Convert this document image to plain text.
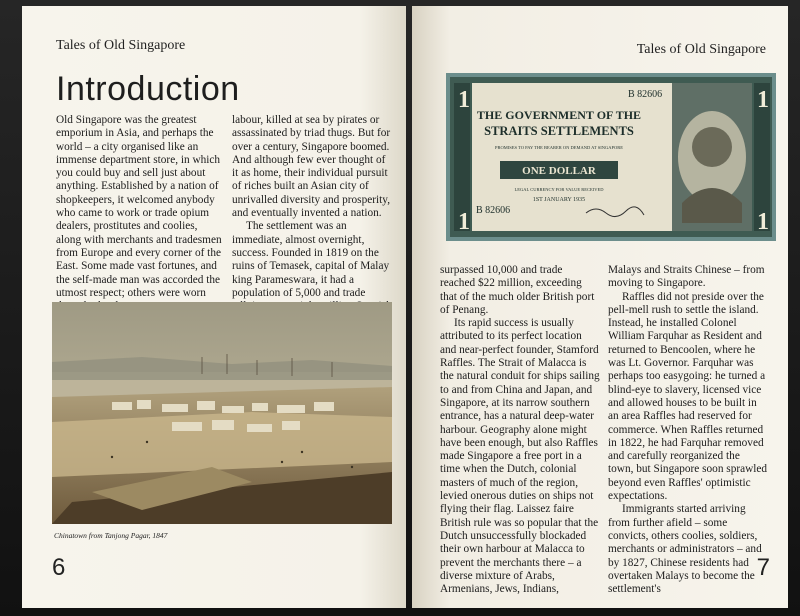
Tales of Old Singapore
Introduction

Old Singapore was the greatest emporium in Asia, and perhaps the world – a city organised like an immense department store, in which you could buy and sell just about anything. Established by a nation of shopkeepers, it welcomed anybody who came to work or trade opium dealers, prostitutes and coolies, along with merchants and tradesmen from Europe and every corner of the East. Some made vast fortunes, and the self-made man was accorded the utmost respect; others were worn

labour, killed at sea by pirates or assassinated by triad thugs. But for over a century, Singapore boomed. And although few ever thought of it as home, their individual pursuit of riches built an Asian city of unrivalled diversity and prosperity, and eventually invented a nation.

The settlement was an immediate, almost overnight, success. Founded in 1819 on the ruins of Temasek, capital of Malay king Parameswara, it had a population of 5,000 and trade

Chinatown from Tanjong Pagar, 1847
6
Tales of Old Singapore
1	1
1	1
B 82606
B 82606
THE GOVERNMENT OF THE
STRAITS SETTLEMENTS
PROMISES TO PAY THE BEARER ON DEMAND AT SINGAPORE
ONE DOLLAR
LEGAL CURRENCY FOR VALUE RECEIVED
1ST JANUARY 1935

surpassed 10,000 and trade reached $22 million, exceeding that of the much older British port of Penang.

Its rapid success is usually attributed to its perfect location and near-perfect founder, Stamford Raffles. The Strait of Malacca is the natural conduit for ships sailing to and from China and Japan, and Singapore, at its narrow southern entrance, has a natural deep-water harbour. Geography alone might have been enough, but also Raffles made Singapore a free port in a time when the Dutch, colonial masters of much of the region, levied onerous duties on ships not flying their flag. Laissez faire British rule was so popular that the Dutch unsuccessfully blockaded their own harbour at Malacca to prevent the merchants there – a diverse mixture of Arabs, Armenians, Jews, Indians,

Malays and Straits Chinese – from moving to Singapore.

Raffles did not preside over the pell-mell rush to settle the island. Instead, he installed Colonel William Farquhar as Resident and returned to Bencoolen, where he was Lt. Governor. Farquhar was perhaps too easygoing: he turned a blind-eye to slavery, licensed vice and allowed houses to be built in an area Raffles had reserved for commerce. When Raffles returned in 1822, he had Farquhar removed and carefully reorganized the town, but Singapore soon sprawled beyond even Raffles' optimistic expectations.

Immigrants started arriving from further afield – some convicts, others coolies, soldiers, merchants or administrators – and by 1827, Chinese residents had overtaken Malays to become the settlement's

7
